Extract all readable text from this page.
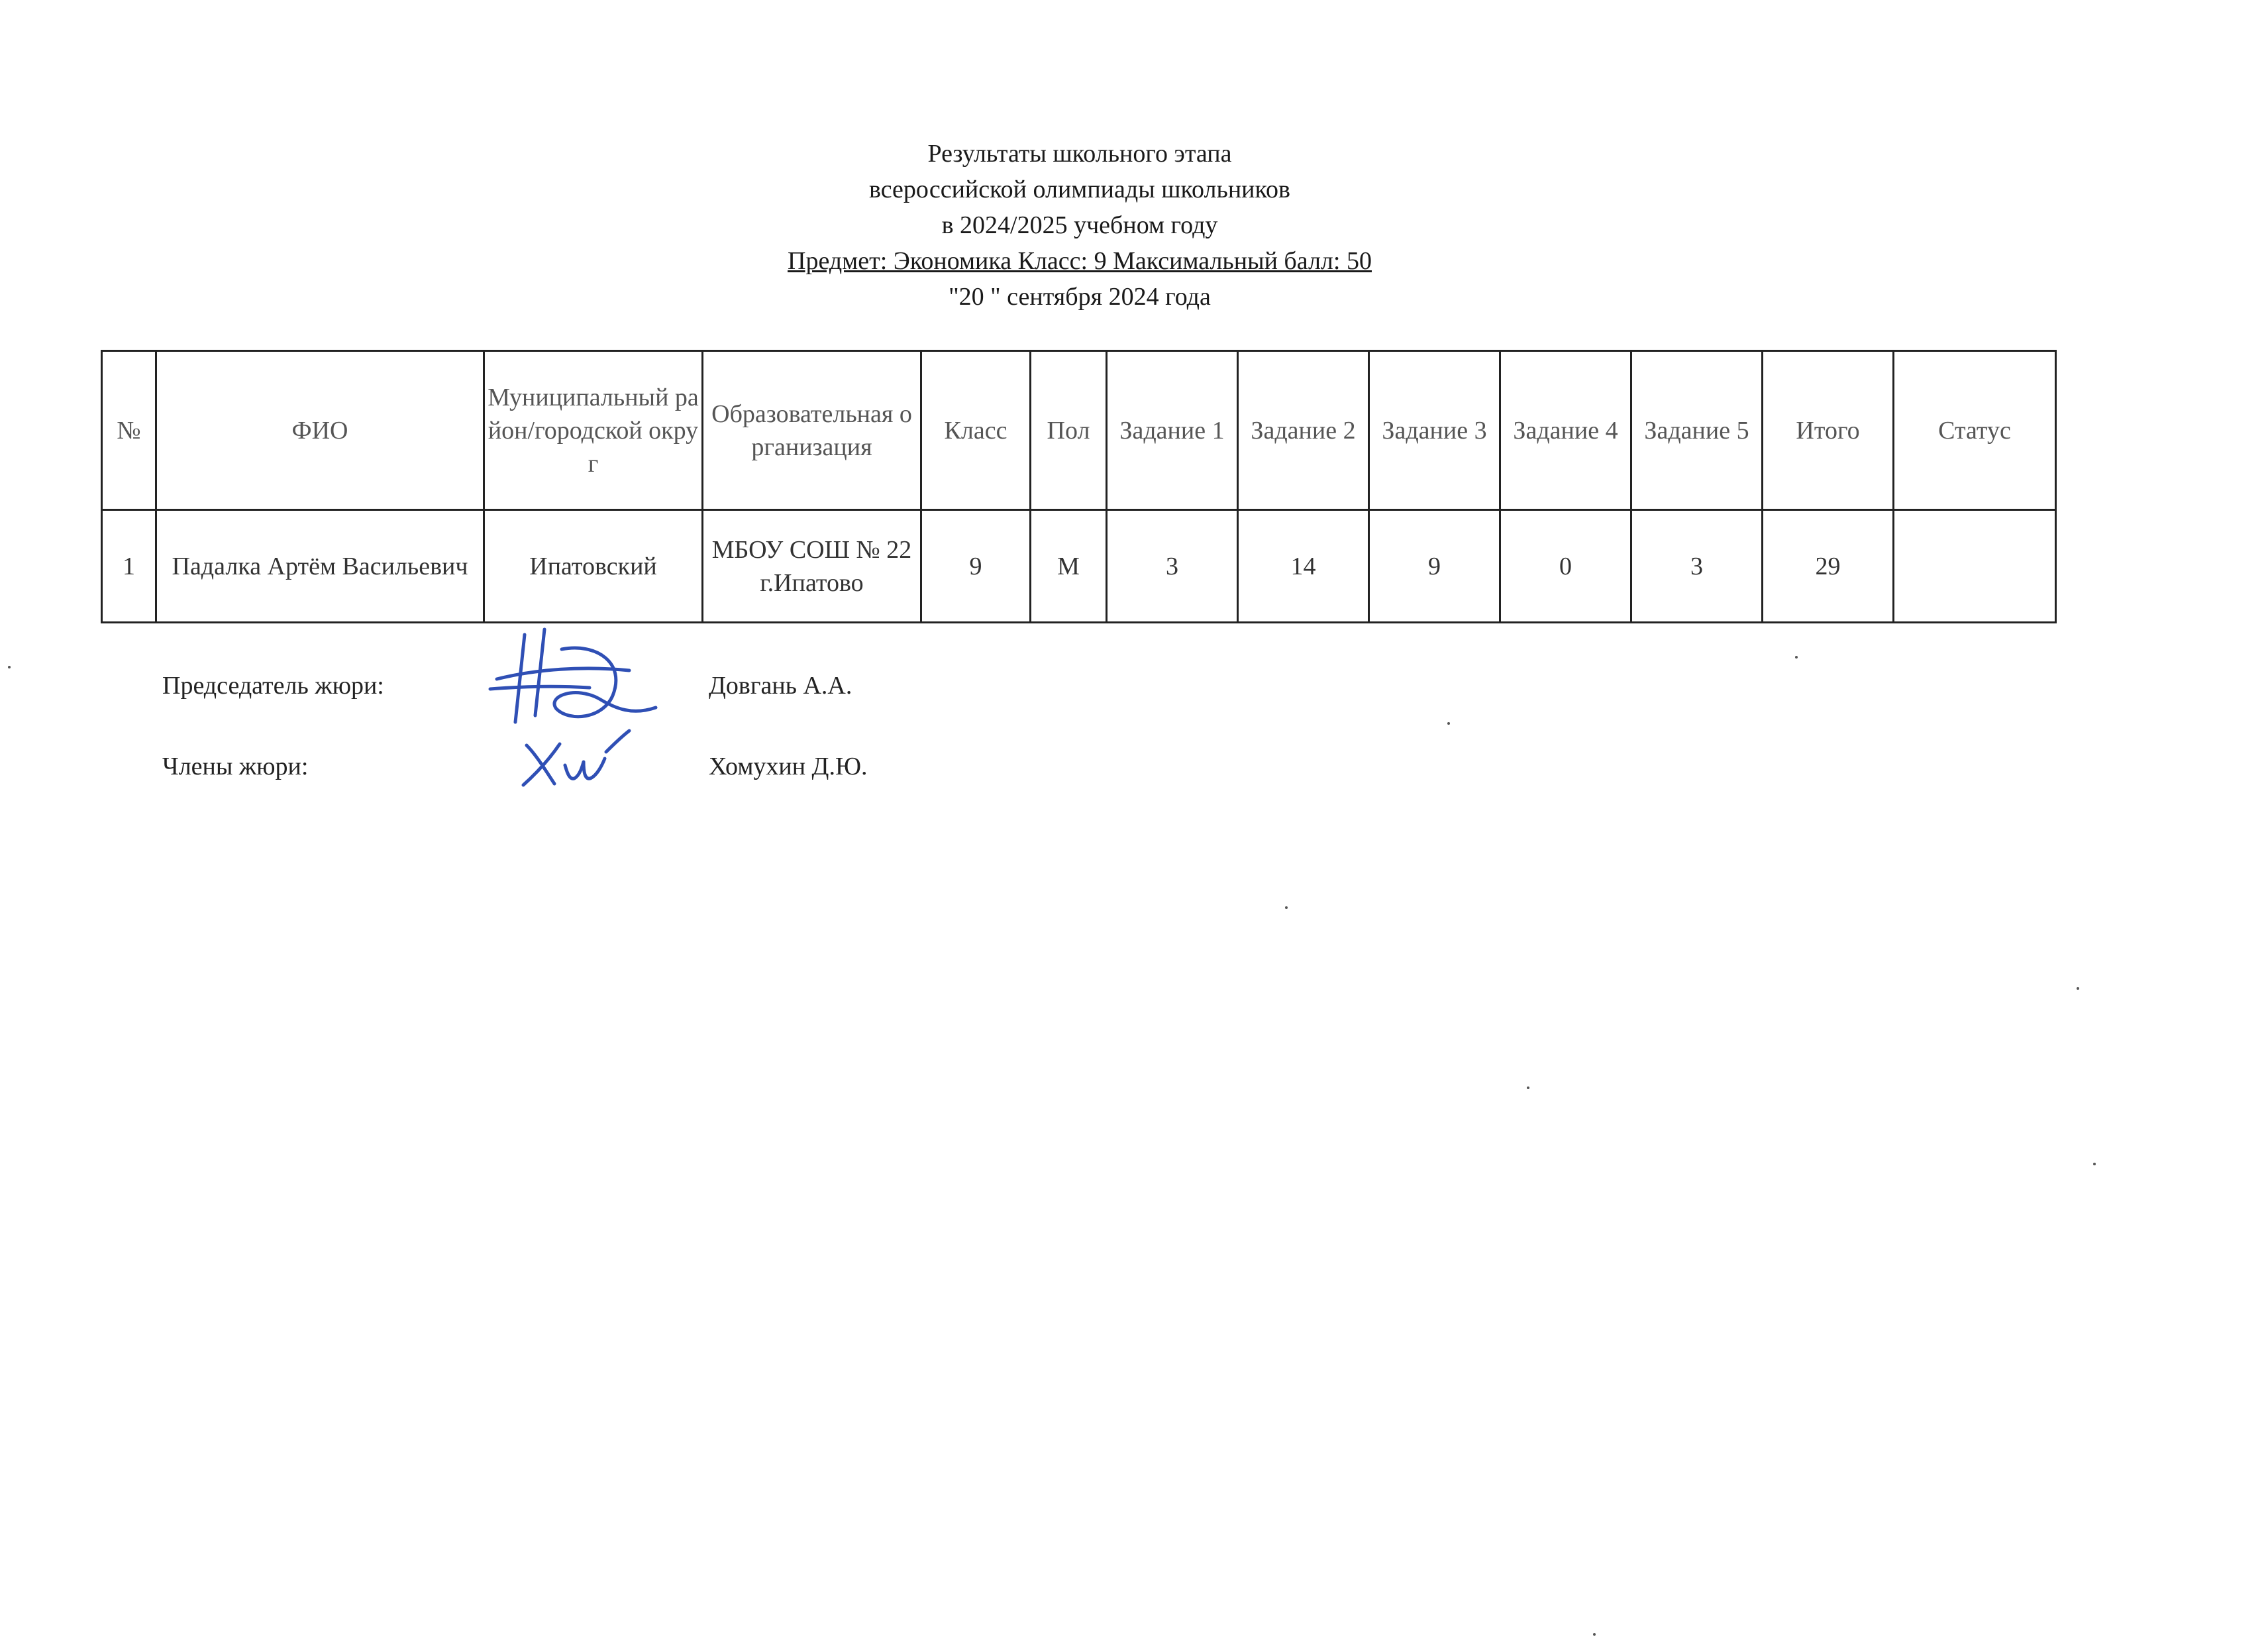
Результаты школьного этапа
всероссийской олимпиады школьников
в 2024/2025 учебном году
Предмет: Экономика Класс: 9 Максимальный балл: 50
"20 " сентября 2024 года
№	ФИО	Муниципальный район/городской округ	Образовательная организация	Класс	Пол	Задание 1	Задание 2	Задание 3	Задание 4	Задание 5	Итого	Статус
1	Падалка Артём Васильевич	Ипатовский	МБОУ СОШ № 22 г.Ипатово	9	М	3	14	9	0	3	29	
Председатель жюри:	Довгань А.А.
Члены жюри:	Хомухин Д.Ю.
